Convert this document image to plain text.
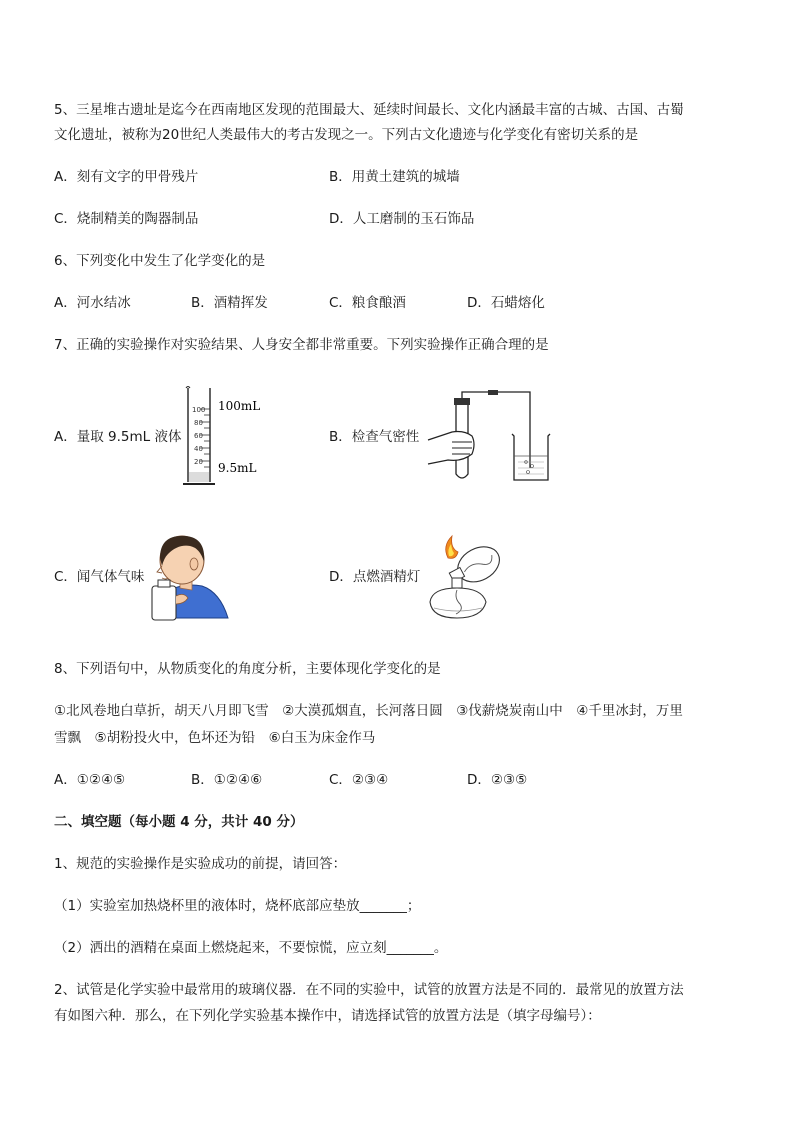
5、三星堆古遗址是迄今在西南地区发现的范围最大、延续时间最长、文化内涵最丰富的古城、古国、古蜀
文化遗址，被称为20世纪人类最伟大的考古发现之一。下列古文化遗迹与化学变化有密切关系的是
A．刻有文字的甲骨残片	B．用黄土建筑的城墙
C．烧制精美的陶器制品	D．人工磨制的玉石饰品
6、下列变化中发生了化学变化的是
A．河水结冰	B．酒精挥发	C．粮食酿酒	D．石蜡熔化
7、正确的实验操作对实验结果、人身安全都非常重要。下列实验操作正确合理的是
A．量取 9.5mL 液体	B．检查气密性
C．闻气体气味	D．点燃酒精灯
100
80
60
40
20
100mL
9.5mL
8、下列语句中，从物质变化的角度分析，主要体现化学变化的是
①北风卷地白草折，胡天八月即飞雪　②大漠孤烟直，长河落日圆　③伐薪烧炭南山中　④千里冰封，万里
雪飘　⑤胡粉投火中，色坏还为铅　⑥白玉为床金作马
A．①②④⑤	B．①②④⑥	C．②③④	D．②③⑤
二、填空题（每小题 4 分，共计 40 分）
1、规范的实验操作是实验成功的前提，请回答：
（1）实验室加热烧杯里的液体时，烧杯底部应垫放_______；
（2）洒出的酒精在桌面上燃烧起来，不要惊慌，应立刻_______。
2、试管是化学实验中最常用的玻璃仪器．在不同的实验中，试管的放置方法是不同的．最常见的放置方法
有如图六种．那么，在下列化学实验基本操作中，请选择试管的放置方法是（填字母编号）：
